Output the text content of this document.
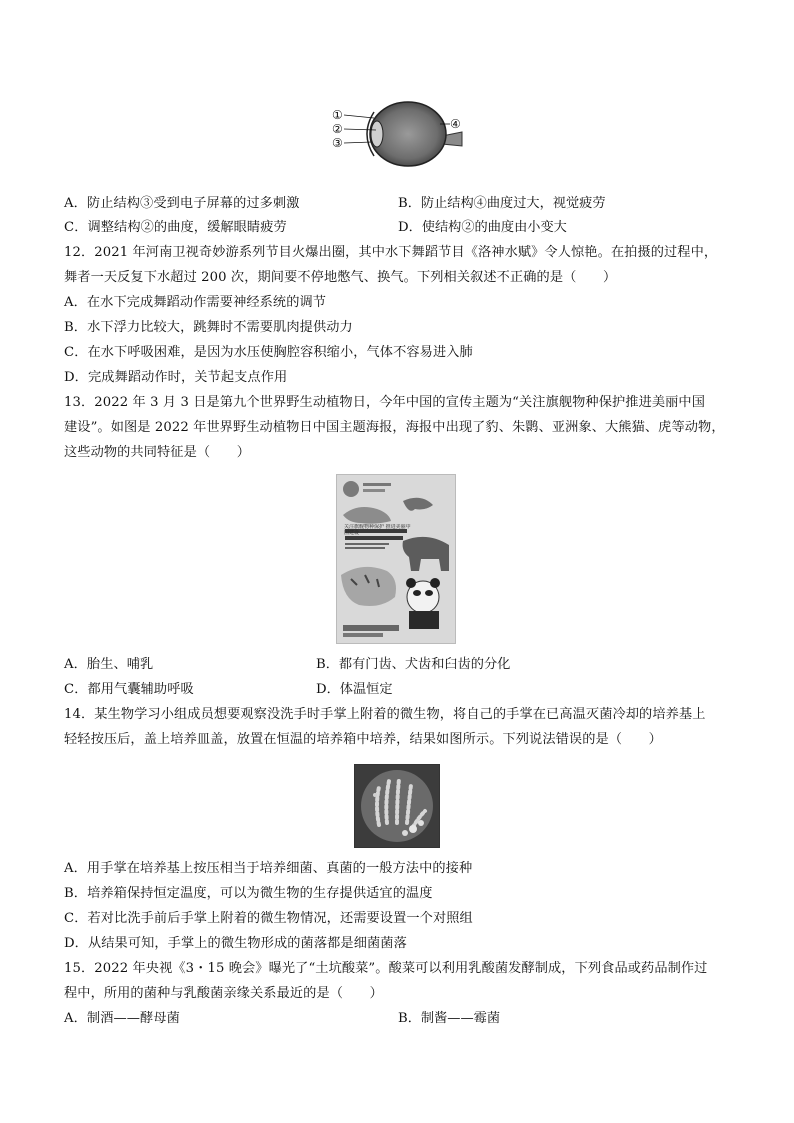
①
②
③
④
A．防止结构③受到电子屏幕的过多刺激	B．防止结构④曲度过大，视觉疲劳
C．调整结构②的曲度，缓解眼睛疲劳	D．使结构②的曲度由小变大
12．2021 年河南卫视奇妙游系列节目火爆出圈，其中水下舞蹈节目《洛神水赋》令人惊艳。在拍摄的过程中，
舞者一天反复下水超过 200 次，期间要不停地憋气、换气。下列相关叙述不正确的是（　　）
A．在水下完成舞蹈动作需要神经系统的调节
B．水下浮力比较大，跳舞时不需要肌肉提供动力
C．在水下呼吸困难，是因为水压使胸腔容积缩小，气体不容易进入肺
D．完成舞蹈动作时，关节起支点作用
13．2022 年 3 月 3 日是第九个世界野生动植物日，今年中国的宣传主题为“关注旗舰物种保护推进美丽中国
建设”。如图是 2022 年世界野生动植物日中国主题海报，海报中出现了豹、朱鹮、亚洲象、大熊猫、虎等动物，
这些动物的共同特征是（　　）
A．胎生、哺乳	B．都有门齿、犬齿和臼齿的分化
C．都用气囊辅助呼吸	D．体温恒定
14．某生物学习小组成员想要观察没洗手时手掌上附着的微生物，将自己的手掌在已高温灭菌冷却的培养基上
轻轻按压后，盖上培养皿盖，放置在恒温的培养箱中培养，结果如图所示。下列说法错误的是（　　）
A．用手掌在培养基上按压相当于培养细菌、真菌的一般方法中的接种
B．培养箱保持恒定温度，可以为微生物的生存提供适宜的温度
C．若对比洗手前后手掌上附着的微生物情况，还需要设置一个对照组
D．从结果可知，手掌上的微生物形成的菌落都是细菌菌落
15．2022 年央视《3・15 晚会》曝光了“土坑酸菜”。酸菜可以利用乳酸菌发酵制成，下列食品或药品制作过
程中，所用的菌种与乳酸菌亲缘关系最近的是（　　）
A．制酒——酵母菌	B．制酱——霉菌
关注旗舰物种保护 推进美丽中国建设
